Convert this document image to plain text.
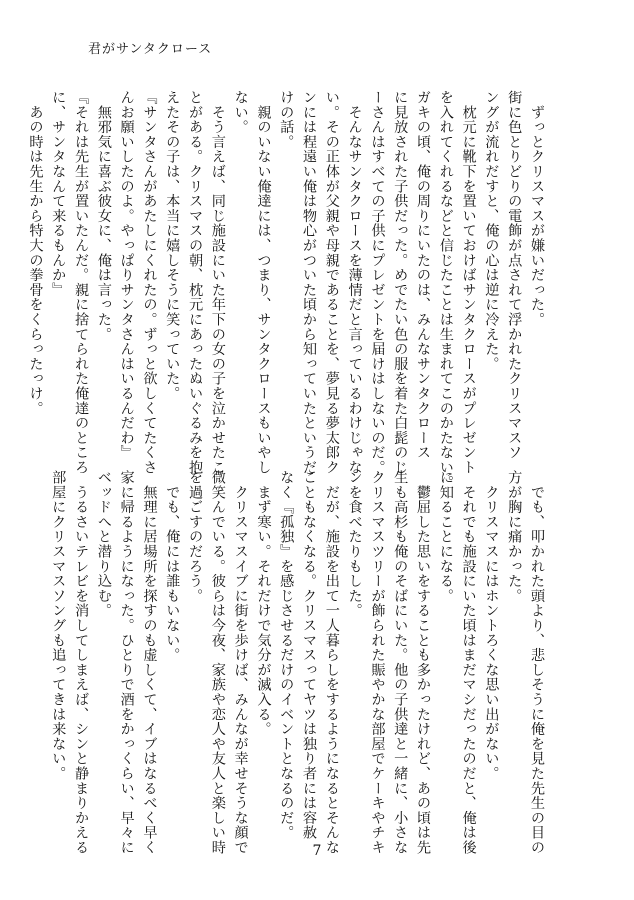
君がサンタクロース
　ずっとクリスマスが嫌いだった。
街に色とりどりの電飾が点されて浮かれたクリスマスソ
ングが流れだすと、俺の心は逆に冷えた。
　枕元に靴下を置いておけばサンタクロースがプレゼント
を入れてくれるなどと信じたことは生まれてこのかたない。
ガキの頃、俺の周りにいたのは、みんなサンタクロース
に見放された子供だった。めでたい色の服を着た白髭のじ
ーさんはすべての子供にプレゼントを届けはしないのだ。
　そんなサンタクロースを薄情だと言っているわけじゃな
い。その正体が父親や母親であることを、夢見る夢太郎ク
ンには程遠い俺は物心がついた頃から知っていたというだ
けの話。
　親のいない俺達には、つまり、サンタクロースもいやし
ない。
　そう言えば、同じ施設にいた年下の女の子を泣かせたこ
とがある。クリスマスの朝、枕元にあったぬいぐるみを抱
えたその子は、本当に嬉しそうに笑っていた。
『サンタさんがあたしにくれたの。ずっと欲しくてたくさ
んお願いしたのよ。やっぱりサンタさんはいるんだわ』
　無邪気に喜ぶ彼女に、俺は言った。
『それは先生が置いたんだ。親に捨てられた俺達のところ
に、サンタなんて来るもんか』
　あの時は先生から特大の拳骨をくらったっけ。
　でも、叩かれた頭より、悲しそうに俺を見た先生の目の
方が胸に痛かった。
　クリスマスにはホントろくな思い出がない。
　それでも施設にいた頃はまだマシだったのだと、俺は後
に知ることになる。
　鬱屈した思いをすることも多かったけれど、あの頃は先
生も高杉も俺のそばにいた。他の子供達と一緒に、小さな
クリスマスツリーが飾られた賑やかな部屋でケーキやチキ
ンを食べたりもした。
　だが、施設を出て一人暮らしをするようになるとそんな
こともなくなる。クリスマスってヤツは独り者には容赦
なく『孤独』を感じさせるだけのイベントとなるのだ。
　まず寒い。それだけで気分が滅入る。
　クリスマスイブに街を歩けば、みんなが幸せそうな顔で
微笑んでいる。彼らは今夜、家族や恋人や友人と楽しい時
を過ごすのだろう。
　でも、俺には誰もいない。
　無理に居場所を探すのも虚しくて、イブはなるべく早く
家に帰るようになった。ひとりで酒をかっくらい、早々に
ベッドへと潜り込む。
　うるさいテレビを消してしまえば、シンと静まりかえる
部屋にクリスマスソングも追ってきは来ない。
7
